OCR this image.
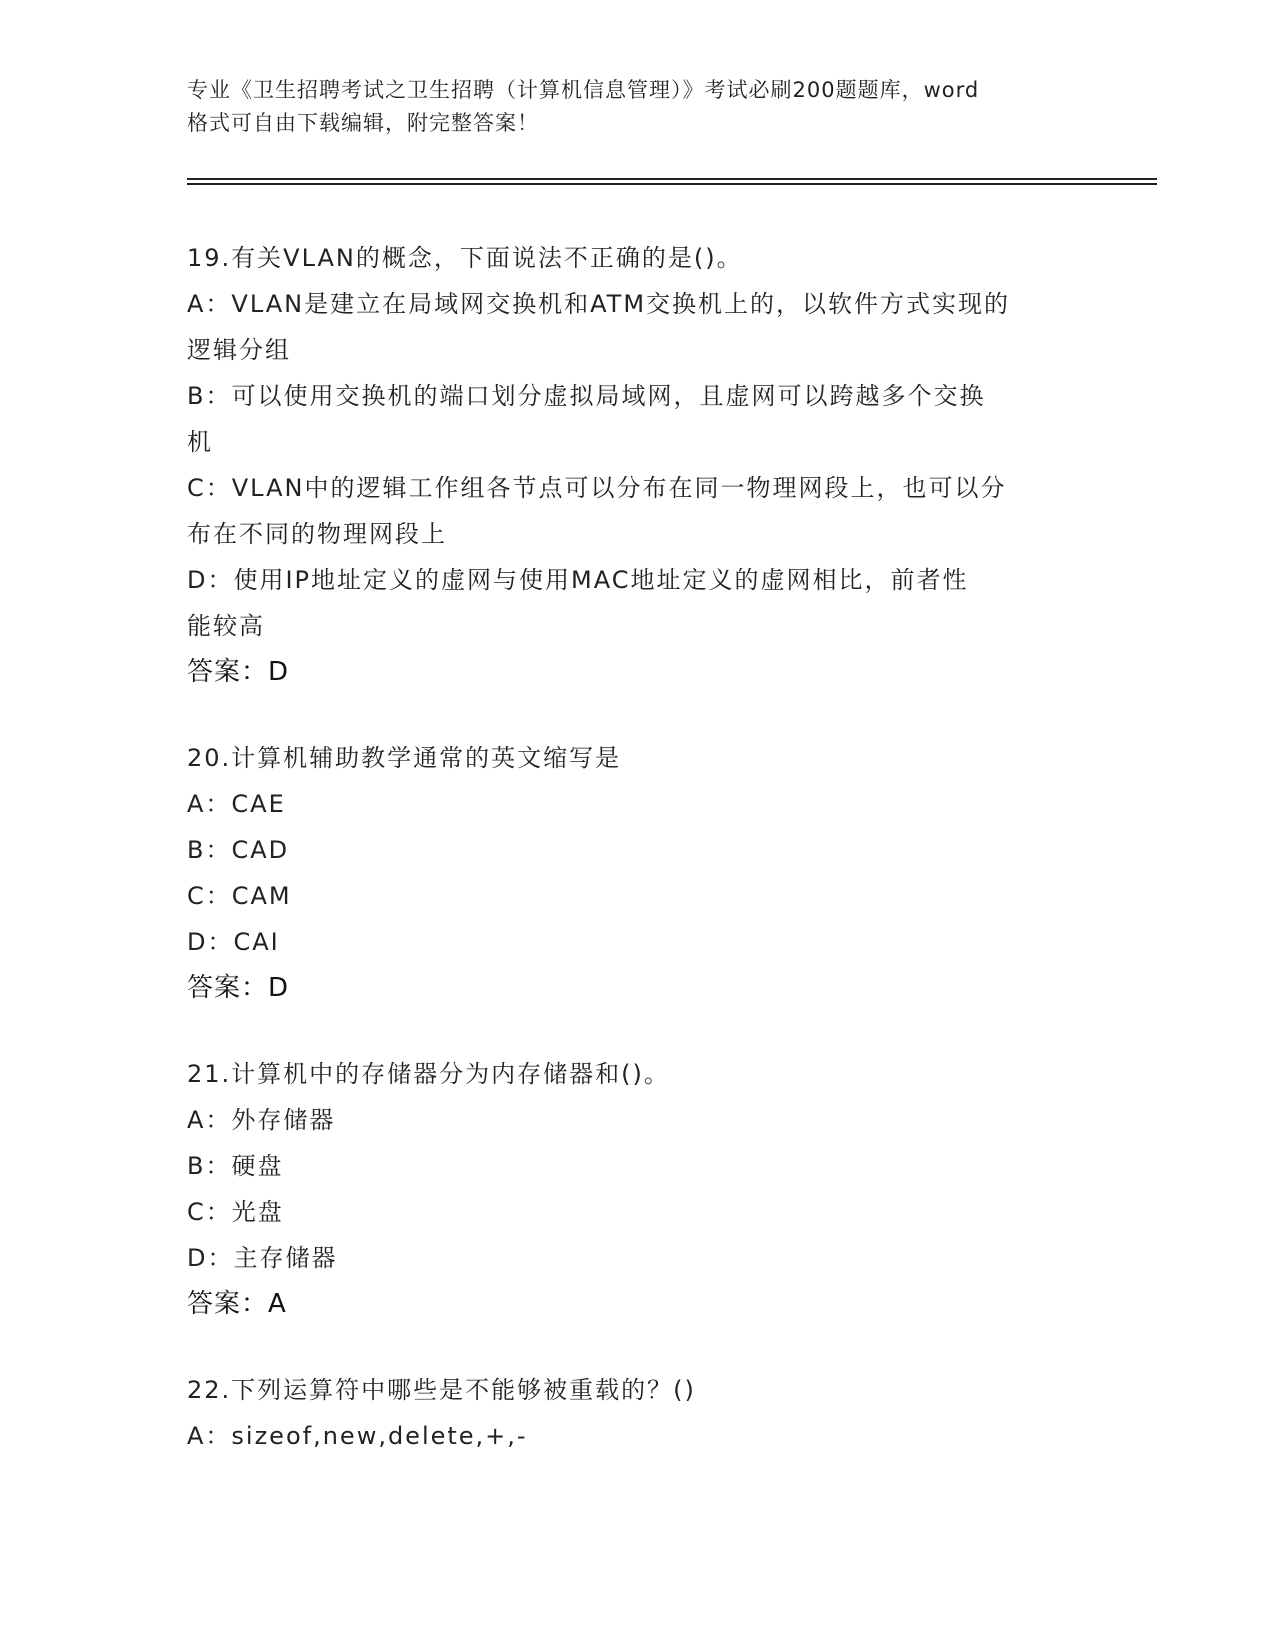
专业《卫生招聘考试之卫生招聘（计算机信息管理）》考试必刷200题题库，word
格式可自由下载编辑，附完整答案！

19.有关VLAN的概念，下面说法不正确的是()。

A：VLAN是建立在局域网交换机和ATM交换机上的，以软件方式实现的

逻辑分组

B：可以使用交换机的端口划分虚拟局域网，且虚网可以跨越多个交换

机

C：VLAN中的逻辑工作组各节点可以分布在同一物理网段上，也可以分

布在不同的物理网段上

D：使用IP地址定义的虚网与使用MAC地址定义的虚网相比，前者性

能较高

答案：D

20.计算机辅助教学通常的英文缩写是

A：CAE

B：CAD

C：CAM

D：CAI

答案：D

21.计算机中的存储器分为内存储器和()。

A：外存储器

B：硬盘

C：光盘

D：主存储器

答案：A

22.下列运算符中哪些是不能够被重载的？()

A：sizeof,new,delete,+,-
